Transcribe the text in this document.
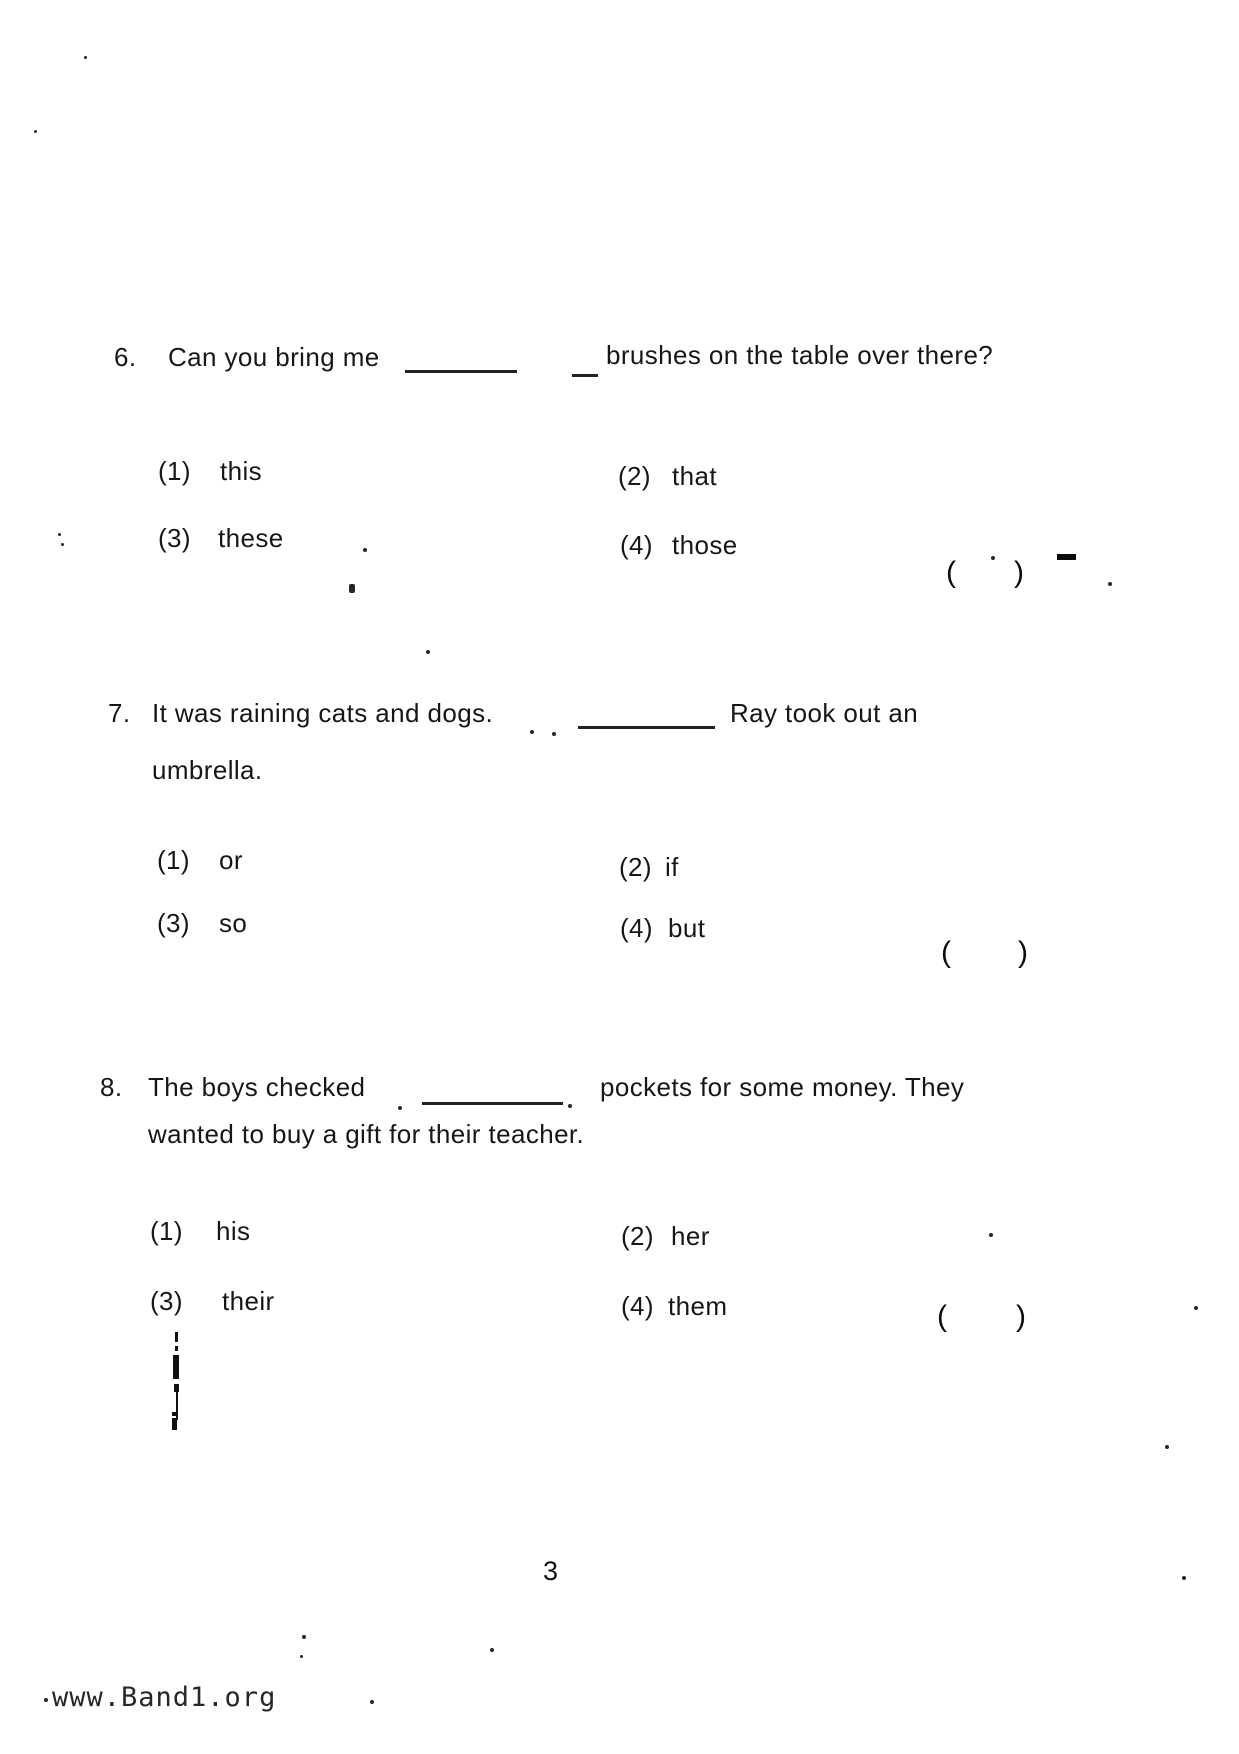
6. Can you bring me	brushes on the table over there?
(1) this	(2) that
(3) these	(4) those
( )
7. It was raining cats and dogs.	Ray took out an
umbrella.
(1) or	(2) if
(3) so	(4) but
( )
8. The boys checked	pockets for some money. They
wanted to buy a gift for their teacher.
(1) his	(2) her
(3) their	(4) them	( )
3
www.Band1.org
